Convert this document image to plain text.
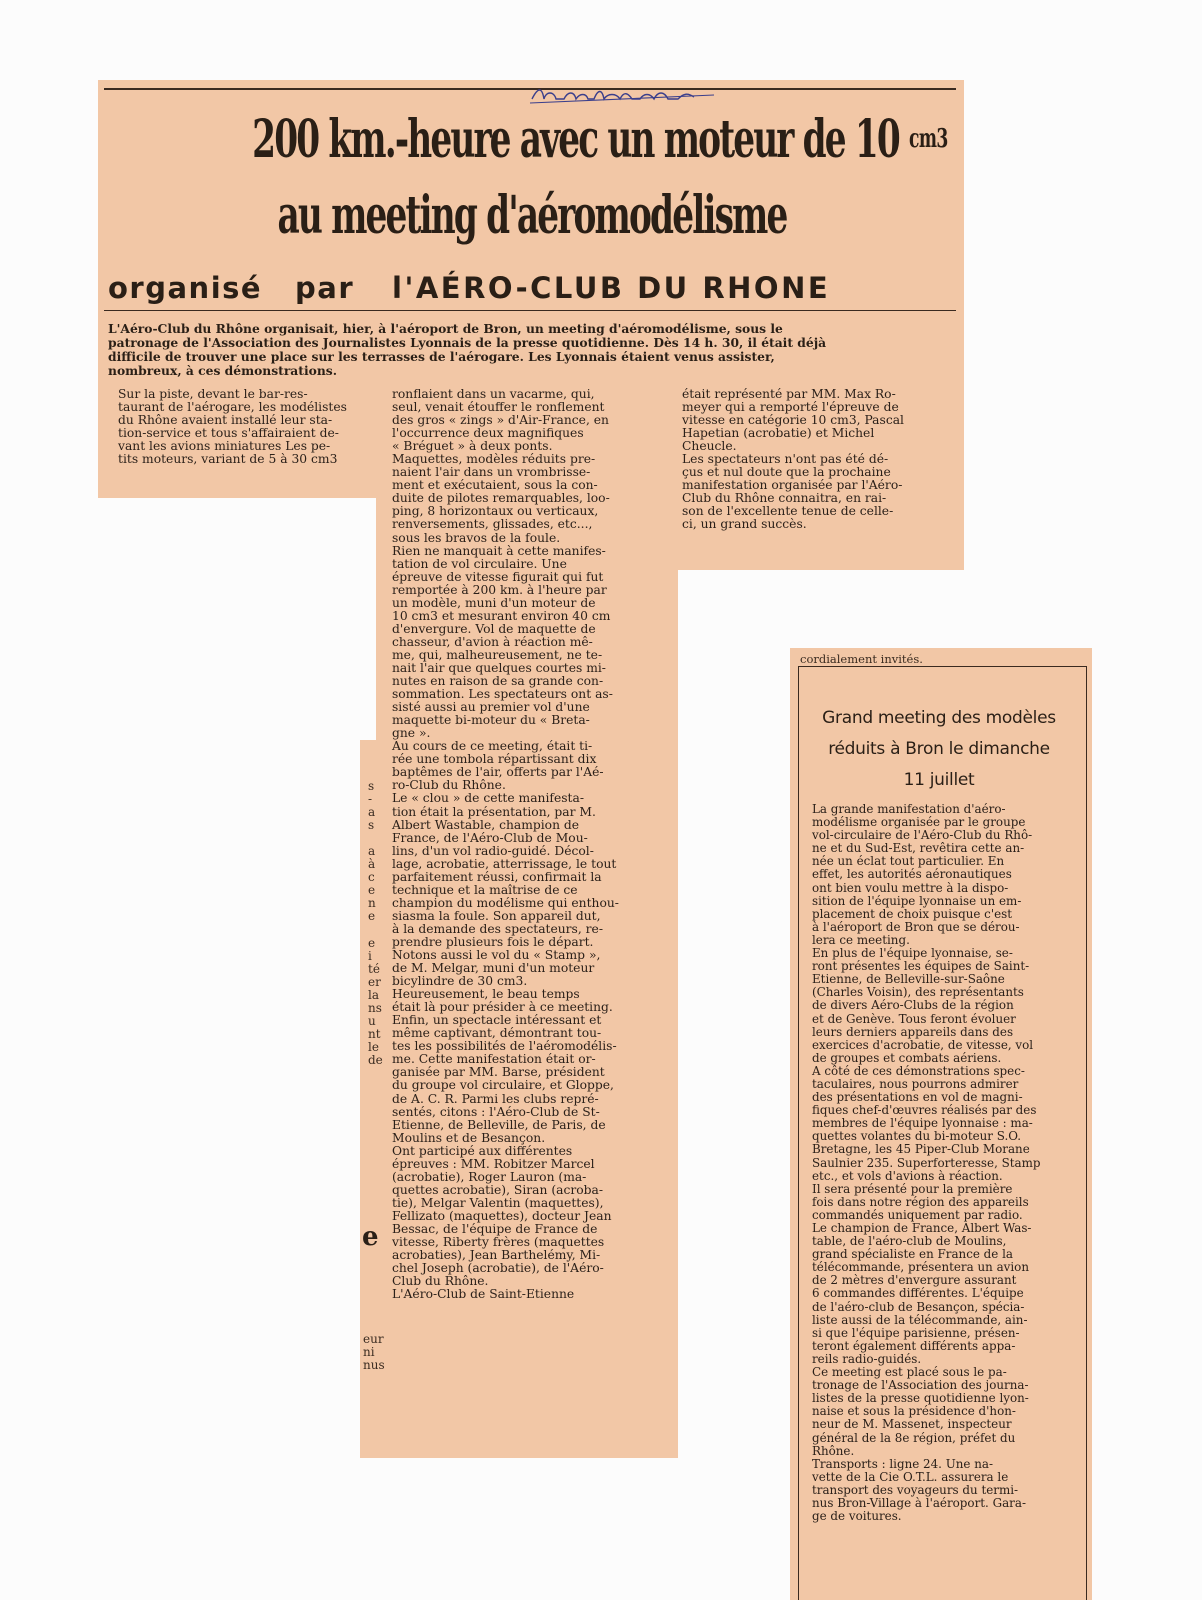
200 km.-heure avec un moteur de 10 cm3
au meeting d'aéromodélisme
organisé par l'AÉRO-CLUB DU RHONE
L'Aéro-Club du Rhône organisait, hier, à l'aéroport de Bron, un meeting d'aéromodélisme, sous le
patronage de l'Association des Journalistes Lyonnais de la presse quotidienne. Dès 14 h. 30, il était déjà
difficile de trouver une place sur les terrasses de l'aérogare. Les Lyonnais étaient venus assister,
nombreux, à ces démonstrations.
Sur la piste, devant le bar-res-
taurant de l'aérogare, les modélistes
du Rhône avaient installé leur sta-
tion-service et tous s'affairaient de-
vant les avions miniatures Les pe-
tits moteurs, variant de 5 à 30 cm3
ronflaient dans un vacarme, qui,
seul, venait étouffer le ronflement
des gros « zings » d'Air-France, en
l'occurrence deux magnifiques
« Bréguet » à deux ponts.
Maquettes, modèles réduits pre-
naient l'air dans un vrombrisse-
ment et exécutaient, sous la con-
duite de pilotes remarquables, loo-
ping, 8 horizontaux ou verticaux,
renversements, glissades, etc...,
sous les bravos de la foule.
Rien ne manquait à cette manifes-
tation de vol circulaire. Une
épreuve de vitesse figurait qui fut
remportée à 200 km. à l'heure par
un modèle, muni d'un moteur de
10 cm3 et mesurant environ 40 cm
d'envergure. Vol de maquette de
chasseur, d'avion à réaction mê-
me, qui, malheureusement, ne te-
nait l'air que quelques courtes mi-
nutes en raison de sa grande con-
sommation. Les spectateurs ont as-
sisté aussi au premier vol d'une
maquette bi-moteur du « Breta-
gne ».
Au cours de ce meeting, était ti-
rée une tombola répartissant dix
baptêmes de l'air, offerts par l'Aé-
ro-Club du Rhône.
Le « clou » de cette manifesta-
tion était la présentation, par M.
Albert Wastable, champion de
France, de l'Aéro-Club de Mou-
lins, d'un vol radio-guidé. Décol-
lage, acrobatie, atterrissage, le tout
parfaitement réussi, confirmait la
technique et la maîtrise de ce
champion du modélisme qui enthou-
siasma la foule. Son appareil dut,
à la demande des spectateurs, re-
prendre plusieurs fois le départ.
Notons aussi le vol du « Stamp »,
de M. Melgar, muni d'un moteur
bicylindre de 30 cm3.
Heureusement, le beau temps
était là pour présider à ce meeting.
Enfin, un spectacle intéressant et
même captivant, démontrant tou-
tes les possibilités de l'aéromodélis-
me. Cette manifestation était or-
ganisée par MM. Barse, président
du groupe vol circulaire, et Gloppe,
de A. C. R. Parmi les clubs repré-
sentés, citons : l'Aéro-Club de St-
Etienne, de Belleville, de Paris, de
Moulins et de Besançon.
Ont participé aux différentes
épreuves : MM. Robitzer Marcel
(acrobatie), Roger Lauron (ma-
quettes acrobatie), Siran (acroba-
tie), Melgar Valentin (maquettes),
Fellizato (maquettes), docteur Jean
Bessac, de l'équipe de France de
vitesse, Riberty frères (maquettes
acrobaties), Jean Barthelémy, Mi-
chel Joseph (acrobatie), de l'Aéro-
Club du Rhône.
L'Aéro-Club de Saint-Etienne
était représenté par MM. Max Ro-
meyer qui a remporté l'épreuve de
vitesse en catégorie 10 cm3, Pascal
Hapetian (acrobatie) et Michel
Cheucle.
Les spectateurs n'ont pas été dé-
çus et nul doute que la prochaine
manifestation organisée par l'Aéro-
Club du Rhône connaitra, en rai-
son de l'excellente tenue de celle-
ci, un grand succès.
s
-
a
s

a
à
c
e
n
e

e
i
té
er
la
ns
u
nt
le
de
e
eur
ni
nus
cordialement invités.
Grand meeting des modèles
réduits à Bron le dimanche
11 juillet
La grande manifestation d'aéro-
modélisme organisée par le groupe
vol-circulaire de l'Aéro-Club du Rhô-
ne et du Sud-Est, revêtira cette an-
née un éclat tout particulier. En
effet, les autorités aéronautiques
ont bien voulu mettre à la dispo-
sition de l'équipe lyonnaise un em-
placement de choix puisque c'est
à l'aéroport de Bron que se dérou-
lera ce meeting.
En plus de l'équipe lyonnaise, se-
ront présentes les équipes de Saint-
Etienne, de Belleville-sur-Saône
(Charles Voisin), des représentants
de divers Aéro-Clubs de la région
et de Genève. Tous feront évoluer
leurs derniers appareils dans des
exercices d'acrobatie, de vitesse, vol
de groupes et combats aériens.
A côté de ces démonstrations spec-
taculaires, nous pourrons admirer
des présentations en vol de magni-
fiques chef-d'œuvres réalisés par des
membres de l'équipe lyonnaise : ma-
quettes volantes du bi-moteur S.O.
Bretagne, les 45 Piper-Club Morane
Saulnier 235. Superforteresse, Stamp
etc., et vols d'avions à réaction.
Il sera présenté pour la première
fois dans notre région des appareils
commandés uniquement par radio.
Le champion de France, Albert Was-
table, de l'aéro-club de Moulins,
grand spécialiste en France de la
télécommande, présentera un avion
de 2 mètres d'envergure assurant
6 commandes différentes. L'équipe
de l'aéro-club de Besançon, spécia-
liste aussi de la télécommande, ain-
si que l'équipe parisienne, présen-
teront également différents appa-
reils radio-guidés.
Ce meeting est placé sous le pa-
tronage de l'Association des journa-
listes de la presse quotidienne lyon-
naise et sous la présidence d'hon-
neur de M. Massenet, inspecteur
général de la 8e région, préfet du
Rhône.
Transports : ligne 24. Une na-
vette de la Cie O.T.L. assurera le
transport des voyageurs du termi-
nus Bron-Village à l'aéroport. Gara-
ge de voitures.
